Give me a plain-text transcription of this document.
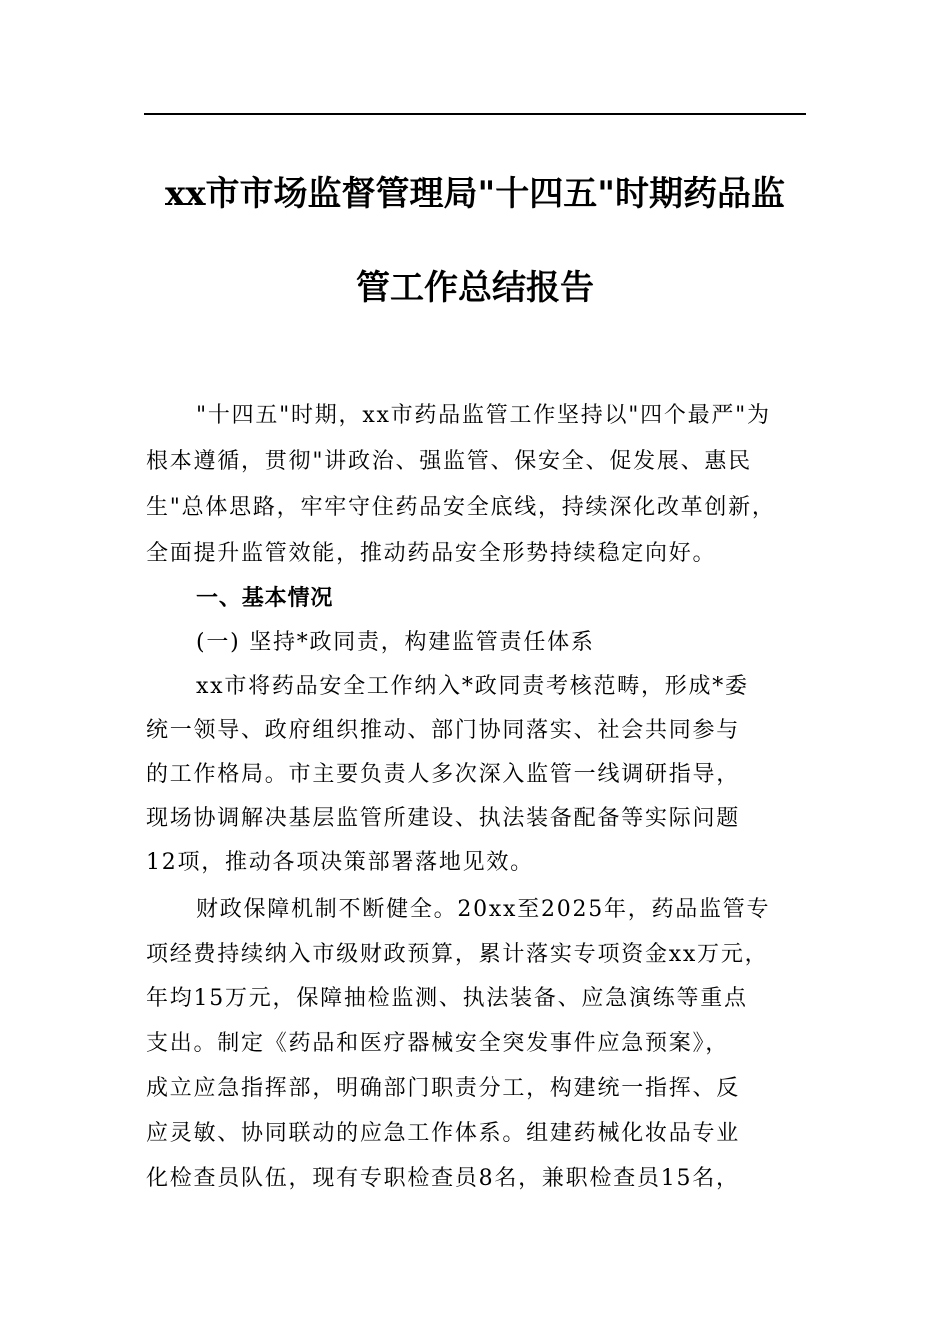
xx市市场监督管理局"十四五"时期药品监
管工作总结报告
"十四五"时期，xx市药品监管工作坚持以"四个最严"为
根本遵循，贯彻"讲政治、强监管、保安全、促发展、惠民
生"总体思路，牢牢守住药品安全底线，持续深化改革创新，
全面提升监管效能，推动药品安全形势持续稳定向好。
一、基本情况
(一) 坚持*政同责，构建监管责任体系
xx市将药品安全工作纳入*政同责考核范畴，形成*委
统一领导、政府组织推动、部门协同落实、社会共同参与
的工作格局。市主要负责人多次深入监管一线调研指导，
现场协调解决基层监管所建设、执法装备配备等实际问题
12项，推动各项决策部署落地见效。
财政保障机制不断健全。20xx至2025年，药品监管专
项经费持续纳入市级财政预算，累计落实专项资金xx万元，
年均15万元，保障抽检监测、执法装备、应急演练等重点
支出。制定《药品和医疗器械安全突发事件应急预案》，
成立应急指挥部，明确部门职责分工，构建统一指挥、反
应灵敏、协同联动的应急工作体系。组建药械化妆品专业
化检查员队伍，现有专职检查员8名，兼职检查员15名，
